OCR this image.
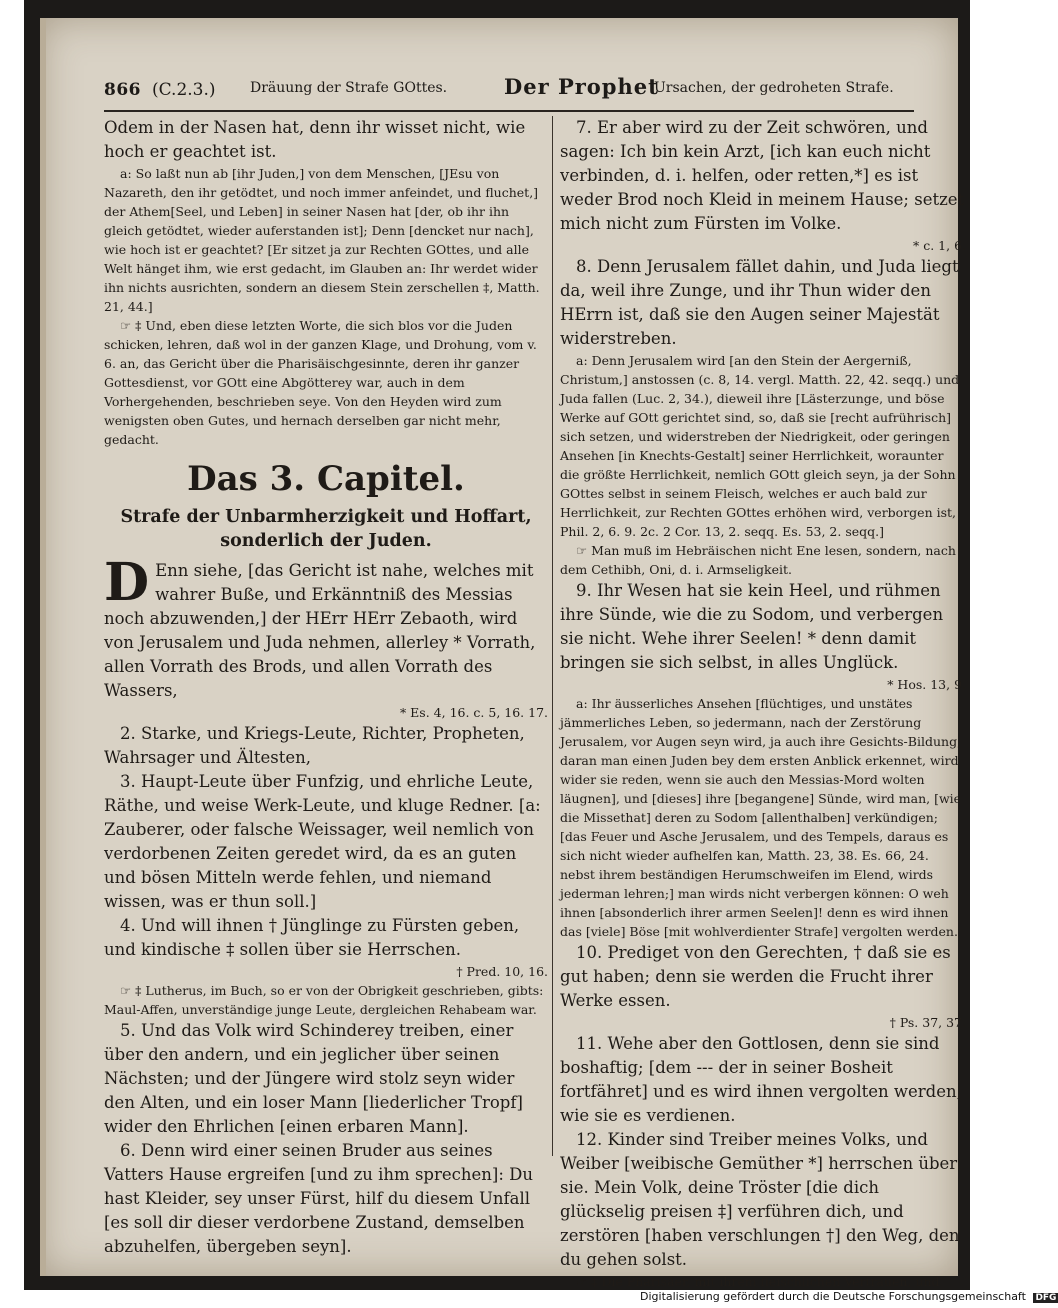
866 (C.2.3.) Dräuung der Strafe GOttes.	Der Prophet
Ursachen, der gedroheten Strafe.

Odem in der Nasen hat, denn ihr wisset nicht, wie hoch er geachtet ist.

a: So laßt nun ab [ihr Juden,] von dem Menschen, [JEsu von Nazareth, den ihr getödtet, und noch immer anfeindet, und fluchet,] der Athem[Seel, und Leben] in seiner Nasen hat [der, ob ihr ihn gleich getödtet, wieder auferstanden ist]; Denn [dencket nur nach], wie hoch ist er geachtet? [Er sitzet ja zur Rechten GOttes, und alle Welt hänget ihm, wie erst gedacht, im Glauben an: Ihr werdet wider ihn nichts ausrichten, sondern an diesem Stein zerschellen ‡, Matth. 21, 44.]

☞ ‡ Und, eben diese letzten Worte, die sich blos vor die Juden schicken, lehren, daß wol in der ganzen Klage, und Drohung, vom v. 6. an, das Gericht über die Pharisäischgesinnte, deren ihr ganzer Gottesdienst, vor GOtt eine Abgötterey war, auch in dem Vorhergehenden, beschrieben seye. Von den Heyden wird zum wenigsten oben Gutes, und hernach derselben gar nicht mehr, gedacht.

Das 3. Capitel.

Strafe der Unbarmherzigkeit und Hoffart, sonderlich der Juden.

D Enn siehe, [das Gericht ist nahe, welches mit wahrer Buße, und Erkänntniß des Messias noch abzuwenden,] der HErr HErr Zebaoth, wird von Jerusalem und Juda nehmen, allerley * Vorrath, allen Vorrath des Brods, und allen Vorrath des Wassers,

* Es. 4, 16. c. 5, 16. 17.

2. Starke, und Kriegs-Leute, Richter, Propheten, Wahrsager und Ältesten,

3. Haupt-Leute über Funfzig, und ehrliche Leute, Räthe, und weise Werk-Leute, und kluge Redner. [a: Zauberer, oder falsche Weissager, weil nemlich von verdorbenen Zeiten geredet wird, da es an guten und bösen Mitteln werde fehlen, und niemand wissen, was er thun soll.]

4. Und will ihnen † Jünglinge zu Fürsten geben, und kindische ‡ sollen über sie Herrschen.

† Pred. 10, 16.

☞ ‡ Lutherus, im Buch, so er von der Obrigkeit geschrieben, gibts: Maul-Affen, unverständige junge Leute, dergleichen Rehabeam war.

5. Und das Volk wird Schinderey treiben, einer über den andern, und ein jeglicher über seinen Nächsten; und der Jüngere wird stolz seyn wider den Alten, und ein loser Mann [liederlicher Tropf] wider den Ehrlichen [einen erbaren Mann].

6. Denn wird einer seinen Bruder aus seines Vatters Hause ergreifen [und zu ihm sprechen]: Du hast Kleider, sey unser Fürst, hilf du diesem Unfall [es soll dir dieser verdorbene Zustand, demselben abzuhelfen, übergeben seyn].

7. Er aber wird zu der Zeit schwören, und sagen: Ich bin kein Arzt, [ich kan euch nicht verbinden, d. i. helfen, oder retten,*] es ist weder Brod noch Kleid in meinem Hause; setzet mich nicht zum Fürsten im Volke.

* c. 1, 6.

8. Denn Jerusalem fället dahin, und Juda liegt da, weil ihre Zunge, und ihr Thun wider den HErrn ist, daß sie den Augen seiner Majestät widerstreben.

a: Denn Jerusalem wird [an den Stein der Aergerniß, Christum,] anstossen (c. 8, 14. vergl. Matth. 22, 42. seqq.) und Juda fallen (Luc. 2, 34.), dieweil ihre [Lästerzunge, und böse Werke auf GOtt gerichtet sind, so, daß sie [recht aufrührisch] sich setzen, und widerstreben der Niedrigkeit, oder geringen Ansehen [in Knechts-Gestalt] seiner Herrlichkeit, woraunter die größte Herrlichkeit, nemlich GOtt gleich seyn, ja der Sohn GOttes selbst in seinem Fleisch, welches er auch bald zur Herrlichkeit, zur Rechten GOttes erhöhen wird, verborgen ist, Phil. 2, 6. 9. 2c. 2 Cor. 13, 2. seqq. Es. 53, 2. seqq.]

☞ Man muß im Hebräischen nicht Ene lesen, sondern, nach dem Cethibh, Oni, d. i. Armseligkeit.

9. Ihr Wesen hat sie kein Heel, und rühmen ihre Sünde, wie die zu Sodom, und verbergen sie nicht. Wehe ihrer Seelen! * denn damit bringen sie sich selbst, in alles Unglück.

* Hos. 13, 9.

a: Ihr äusserliches Ansehen [flüchtiges, und unstätes jämmerliches Leben, so jedermann, nach der Zerstörung Jerusalem, vor Augen seyn wird, ja auch ihre Gesichts-Bildung, daran man einen Juden bey dem ersten Anblick erkennet, wird wider sie reden, wenn sie auch den Messias-Mord wolten läugnen], und [dieses] ihre [begangene] Sünde, wird man, [wie die Missethat] deren zu Sodom [allenthalben] verkündigen; [das Feuer und Asche Jerusalem, und des Tempels, daraus es sich nicht wieder aufhelfen kan, Matth. 23, 38. Es. 66, 24. nebst ihrem beständigen Herumschweifen im Elend, wirds jederman lehren;] man wirds nicht verbergen können: O weh ihnen [absonderlich ihrer armen Seelen]! denn es wird ihnen das [viele] Böse [mit wohlverdienter Strafe] vergolten werden.

10. Prediget von den Gerechten, † daß sie es gut haben; denn sie werden die Frucht ihrer Werke essen.

† Ps. 37, 37.

11. Wehe aber den Gottlosen, denn sie sind boshaftig; [dem --- der in seiner Bosheit fortfähret] und es wird ihnen vergolten werden, wie sie es verdienen.

12. Kinder sind Treiber meines Volks, und Weiber [weibische Gemüther *] herrschen über sie. Mein Volk, deine Tröster [die dich glückselig preisen ‡] verführen dich, und zerstören [haben verschlungen †] den Weg, den du gehen solst.

☞ ‡ Die Pharisäer, mit ihrem fleischlichen Vertrauen, und

Digitalisierung gefördert durch die Deutsche Forschungsgemeinschaft DFG
